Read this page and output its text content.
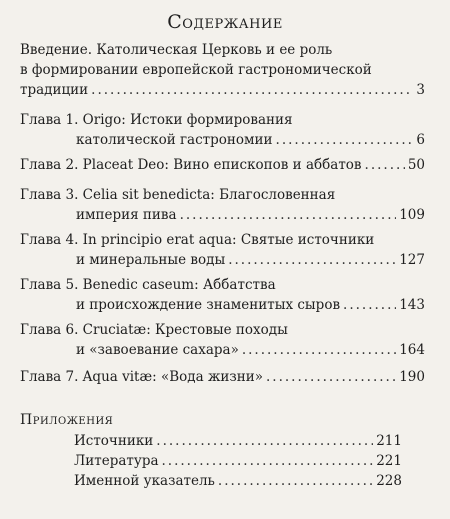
Содержание
Введение. Католическая Церковь и ее роль
в формировании европейской гастрономической
традиции .....	3
Глава 1. Origo: Истоки формирования
католической гастрономии .....	6
Глава 2. Placeat Deo: Вино епископов и аббатов .....	50
Глава 3. Celia sit benedicta: Благословенная
империя пива .....	109
Глава 4. In principio erat aqua: Святые источники
и минеральные воды .....	127
Глава 5. Benedic caseum: Аббатства
и происхождение знаменитых сыров .....	143
Глава 6. Cruciatæ: Крестовые походы
и «завоевание сахара» .....	164
Глава 7. Aqua vitæ: «Вода жизни» .....	190
Приложения
Источники .....	211
Литература .....	221
Именной указатель .....	228
